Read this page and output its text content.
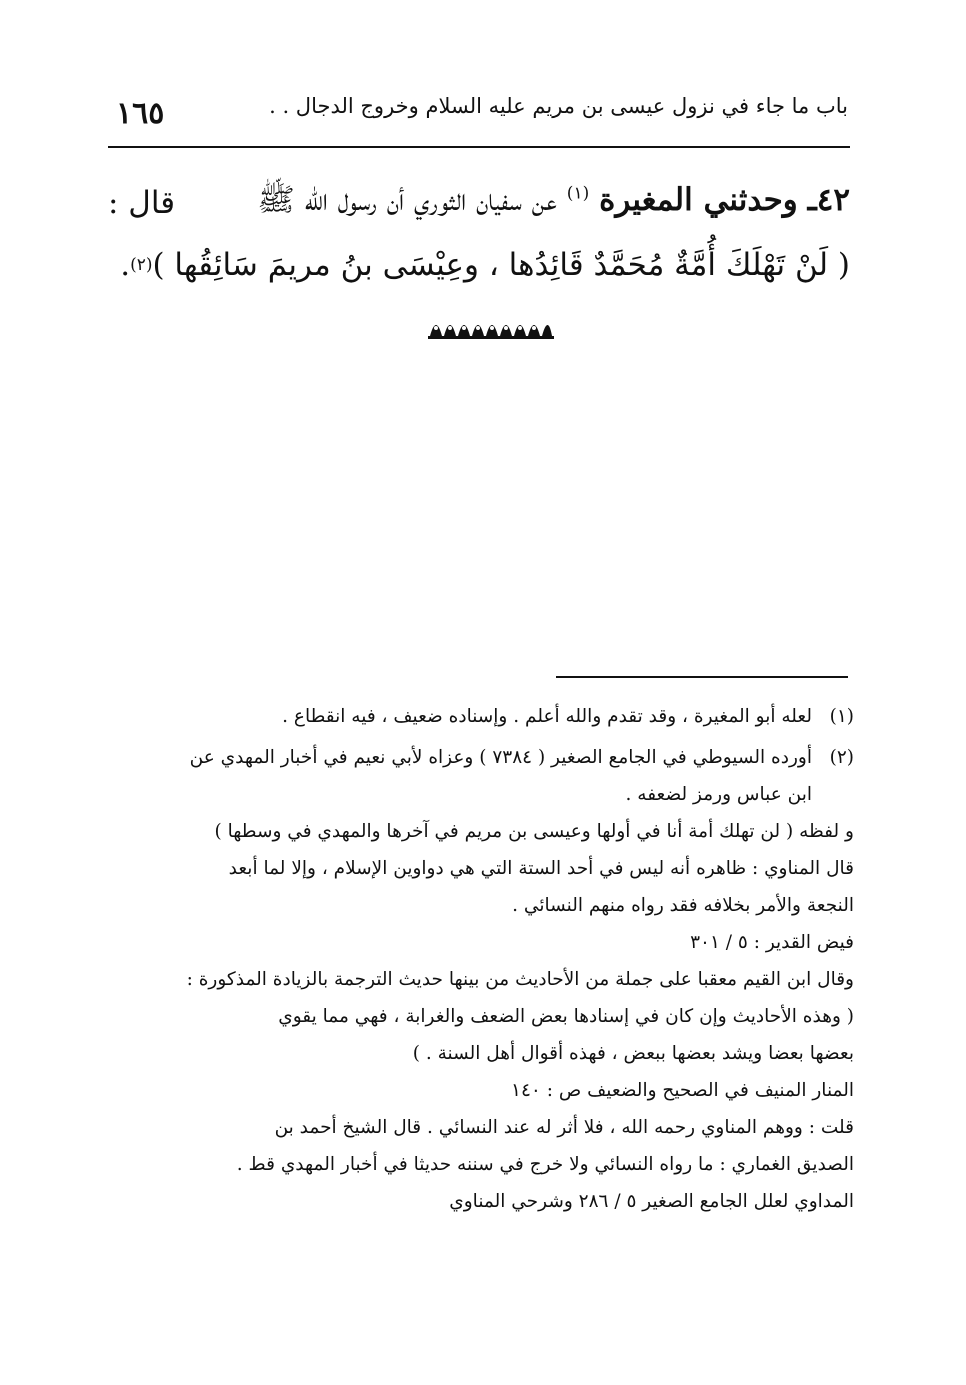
باب ما جاء في نزول عيسى بن مريم عليه السلام وخروج الدجال . .
١٦٥
٤٢ـ وحدثني المغيرة $^{(١)}$ عن سفيان الثوري أن رسول الله ﷺ
قال :
( لَنْ تَهْلَكَ أُمَّةٌ مُحَمَّدٌ قَائِدُها ، وعِيْسَى بنُ مريمَ سَائِقُها )
(٢)
.
(١)
لعله أبو المغيرة ، وقد تقدم والله أعلم . وإسناده ضعيف ، فيه انقطاع .
(٢)
أورده السيوطي في الجامع الصغير ( ٧٣٨٤ ) وعزاه لأبي نعيم في أخبار المهدي عن
ابن عباس ورمز لضعفه .
و لفظه ( لن تهلك أمة أنا في أولها وعيسى بن مريم في آخرها والمهدي في وسطها )
قال المناوي : ظاهره أنه ليس في أحد الستة التي هي دواوين الإسلام ، وإلا لما أبعد
النجعة والأمر بخلافه فقد رواه منهم النسائي .
فيض القدير : ٥ / ٣٠١
وقال ابن القيم معقبا على جملة من الأحاديث من بينها حديث الترجمة بالزيادة المذكورة :
( وهذه الأحاديث وإن كان في إسنادها بعض الضعف والغرابة ، فهي مما يقوي
بعضها بعضا ويشد بعضها ببعض ، فهذه أقوال أهل السنة . )
المنار المنيف في الصحيح والضعيف ص : ١٤٠
قلت : ووهم المناوي رحمه الله ، فلا أثر له عند النسائي . قال الشيخ أحمد بن
الصديق الغماري : ما رواه النسائي ولا خرج في سننه حديثا في أخبار المهدي قط .
المداوي لعلل الجامع الصغير ٥ / ٢٨٦ وشرحي المناوي
